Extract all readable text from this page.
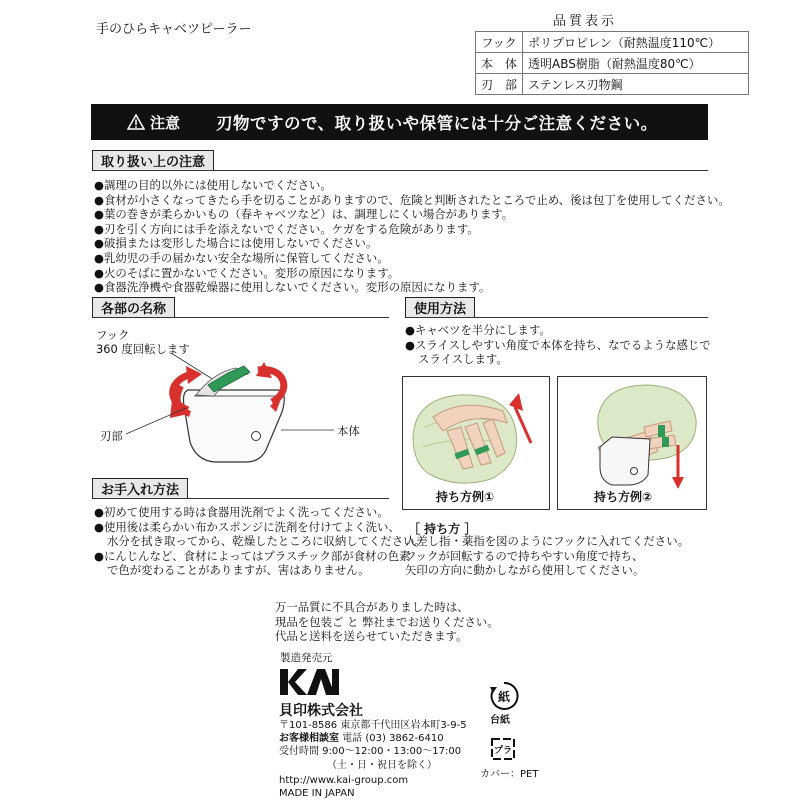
手のひらキャベツピーラー
品質表示
フック	ポリプロピレン（耐熱温度110℃）
本　体	透明ABS樹脂（耐熱温度80℃）
刃　部	ステンレス刃物鋼
注意 刃物ですので、取り扱いや保管には十分ご注意ください。
取り扱い上の注意
●調理の目的以外には使用しないでください。
●食材が小さくなってきたら手を切ることがありますので、危険と判断されたところで止め、後は包丁を使用してください。
●葉の巻きが柔らかいもの（春キャベツなど）は、調理しにくい場合があります。
●刃を引く方向には手を添えないでください。ケガをする危険があります。
●破損または変形した場合には使用しないでください。
●乳幼児の手の届かない安全な場所に保管してください。
●火のそばに置かないでください。変形の原因になります。
●食器洗浄機や食器乾燥器に使用しないでください。変形の原因になります。
各部の名称
フック
360 度回転します
刃部	本体
お手入れ方法
●初めて使用する時は食器用洗剤でよく洗ってください。
●使用後は柔らかい布かスポンジに洗剤を付けてよく洗い、
水分を拭き取ってから、乾燥したところに収納してください。
●にんじんなど、食材によってはプラスチック部が食材の色素
で色が変わることがありますが、害はありません。
使用方法
●キャベツを半分にします。
●スライスしやすい角度で本体を持ち、なでるような感じで
スライスします。
持ち方例①	持ち方例②
［ 持ち方 ］
人差し指・薬指を図のようにフックに入れてください。
フックが回転するので持ちやすい角度で持ち、
矢印の方向に動かしながら使用してください。
万一品質に不具合がありました時は、
現品を包装ご と 弊社までお送りください。
代品と送料を送らせていただきます。
製造発売元
貝印株式会社
〒101-8586 東京都千代田区岩本町3-9-5
お客様相談室 電話 (03) 3862-6410
受付時間 9:00～12:00・13:00～17:00
（土・日・祝日を除く）
http://www.kai-group.com
MADE IN JAPAN
紙
台紙
プラ
カバー：PET
